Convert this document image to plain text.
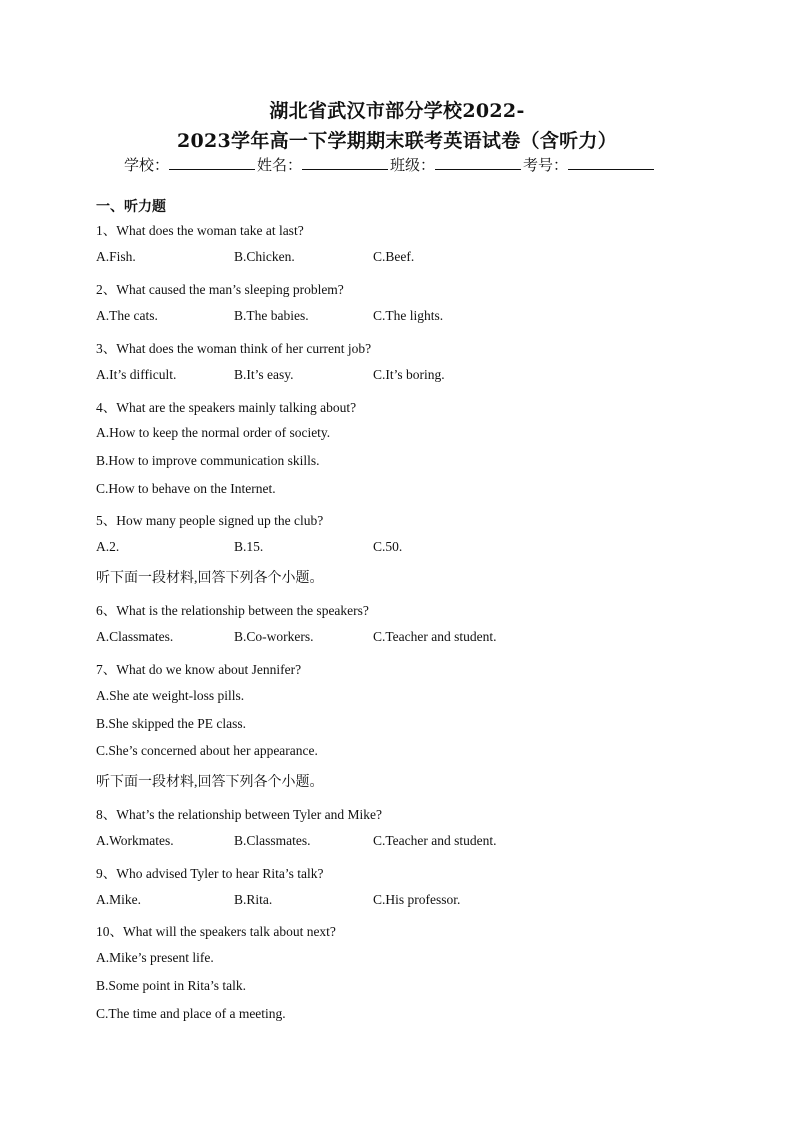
湖北省武汉市部分学校2022-
2023学年高一下学期期末联考英语试卷（含听力）
学校：	姓名：	班级：	考号：
一、听力题
1、What does the woman take at last?
A.Fish.	B.Chicken.	C.Beef.
2、What caused the man’s sleeping problem?
A.The cats.	B.The babies.	C.The lights.
3、What does the woman think of her current job?
A.It’s difficult.	B.It’s easy.	C.It’s boring.
4、What are the speakers mainly talking about?
A.How to keep the normal order of society.
B.How to improve communication skills.
C.How to behave on the Internet.
5、How many people signed up the club?
A.2.	B.15.	C.50.
听下面一段材料,回答下列各个小题。
6、What is the relationship between the speakers?
A.Classmates.	B.Co-workers.	C.Teacher and student.
7、What do we know about Jennifer?
A.She ate weight-loss pills.
B.She skipped the PE class.
C.She’s concerned about her appearance.
听下面一段材料,回答下列各个小题。
8、What’s the relationship between Tyler and Mike?
A.Workmates.	B.Classmates.	C.Teacher and student.
9、Who advised Tyler to hear Rita’s talk?
A.Mike.	B.Rita.	C.His professor.
10、What will the speakers talk about next?
A.Mike’s present life.
B.Some point in Rita’s talk.
C.The time and place of a meeting.
